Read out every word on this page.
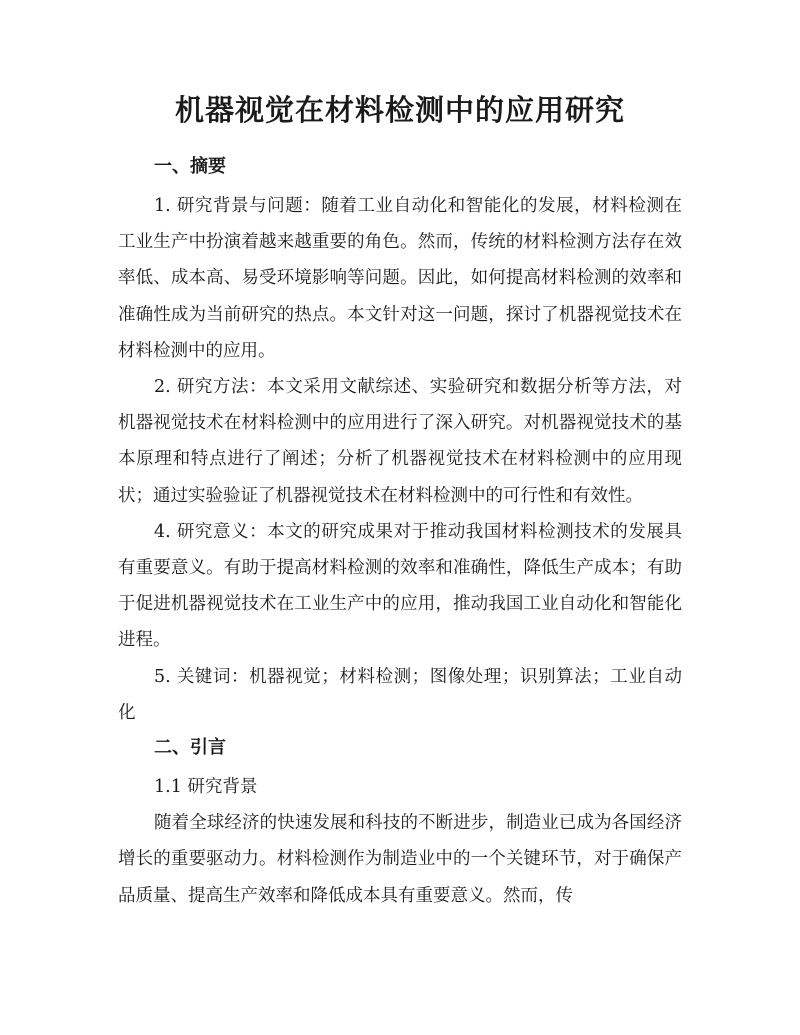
机器视觉在材料检测中的应用研究
一、摘要

1. 研究背景与问题：随着工业自动化和智能化的发展，材料检测在工业生产中扮演着越来越重要的角色。然而，传统的材料检测方法存在效率低、成本高、易受环境影响等问题。因此，如何提高材料检测的效率和准确性成为当前研究的热点。本文针对这一问题，探讨了机器视觉技术在材料检测中的应用。

2. 研究方法：本文采用文献综述、实验研究和数据分析等方法，对机器视觉技术在材料检测中的应用进行了深入研究。对机器视觉技术的基本原理和特点进行了阐述；分析了机器视觉技术在材料检测中的应用现状；通过实验验证了机器视觉技术在材料检测中的可行性和有效性。

4. 研究意义：本文的研究成果对于推动我国材料检测技术的发展具有重要意义。有助于提高材料检测的效率和准确性，降低生产成本；有助于促进机器视觉技术在工业生产中的应用，推动我国工业自动化和智能化进程。

5. 关键词：机器视觉；材料检测；图像处理；识别算法；工业自动化

二、引言

1.1 研究背景

随着全球经济的快速发展和科技的不断进步，制造业已成为各国经济增长的重要驱动力。材料检测作为制造业中的一个关键环节，对于确保产品质量、提高生产效率和降低成本具有重要意义。然而，传
